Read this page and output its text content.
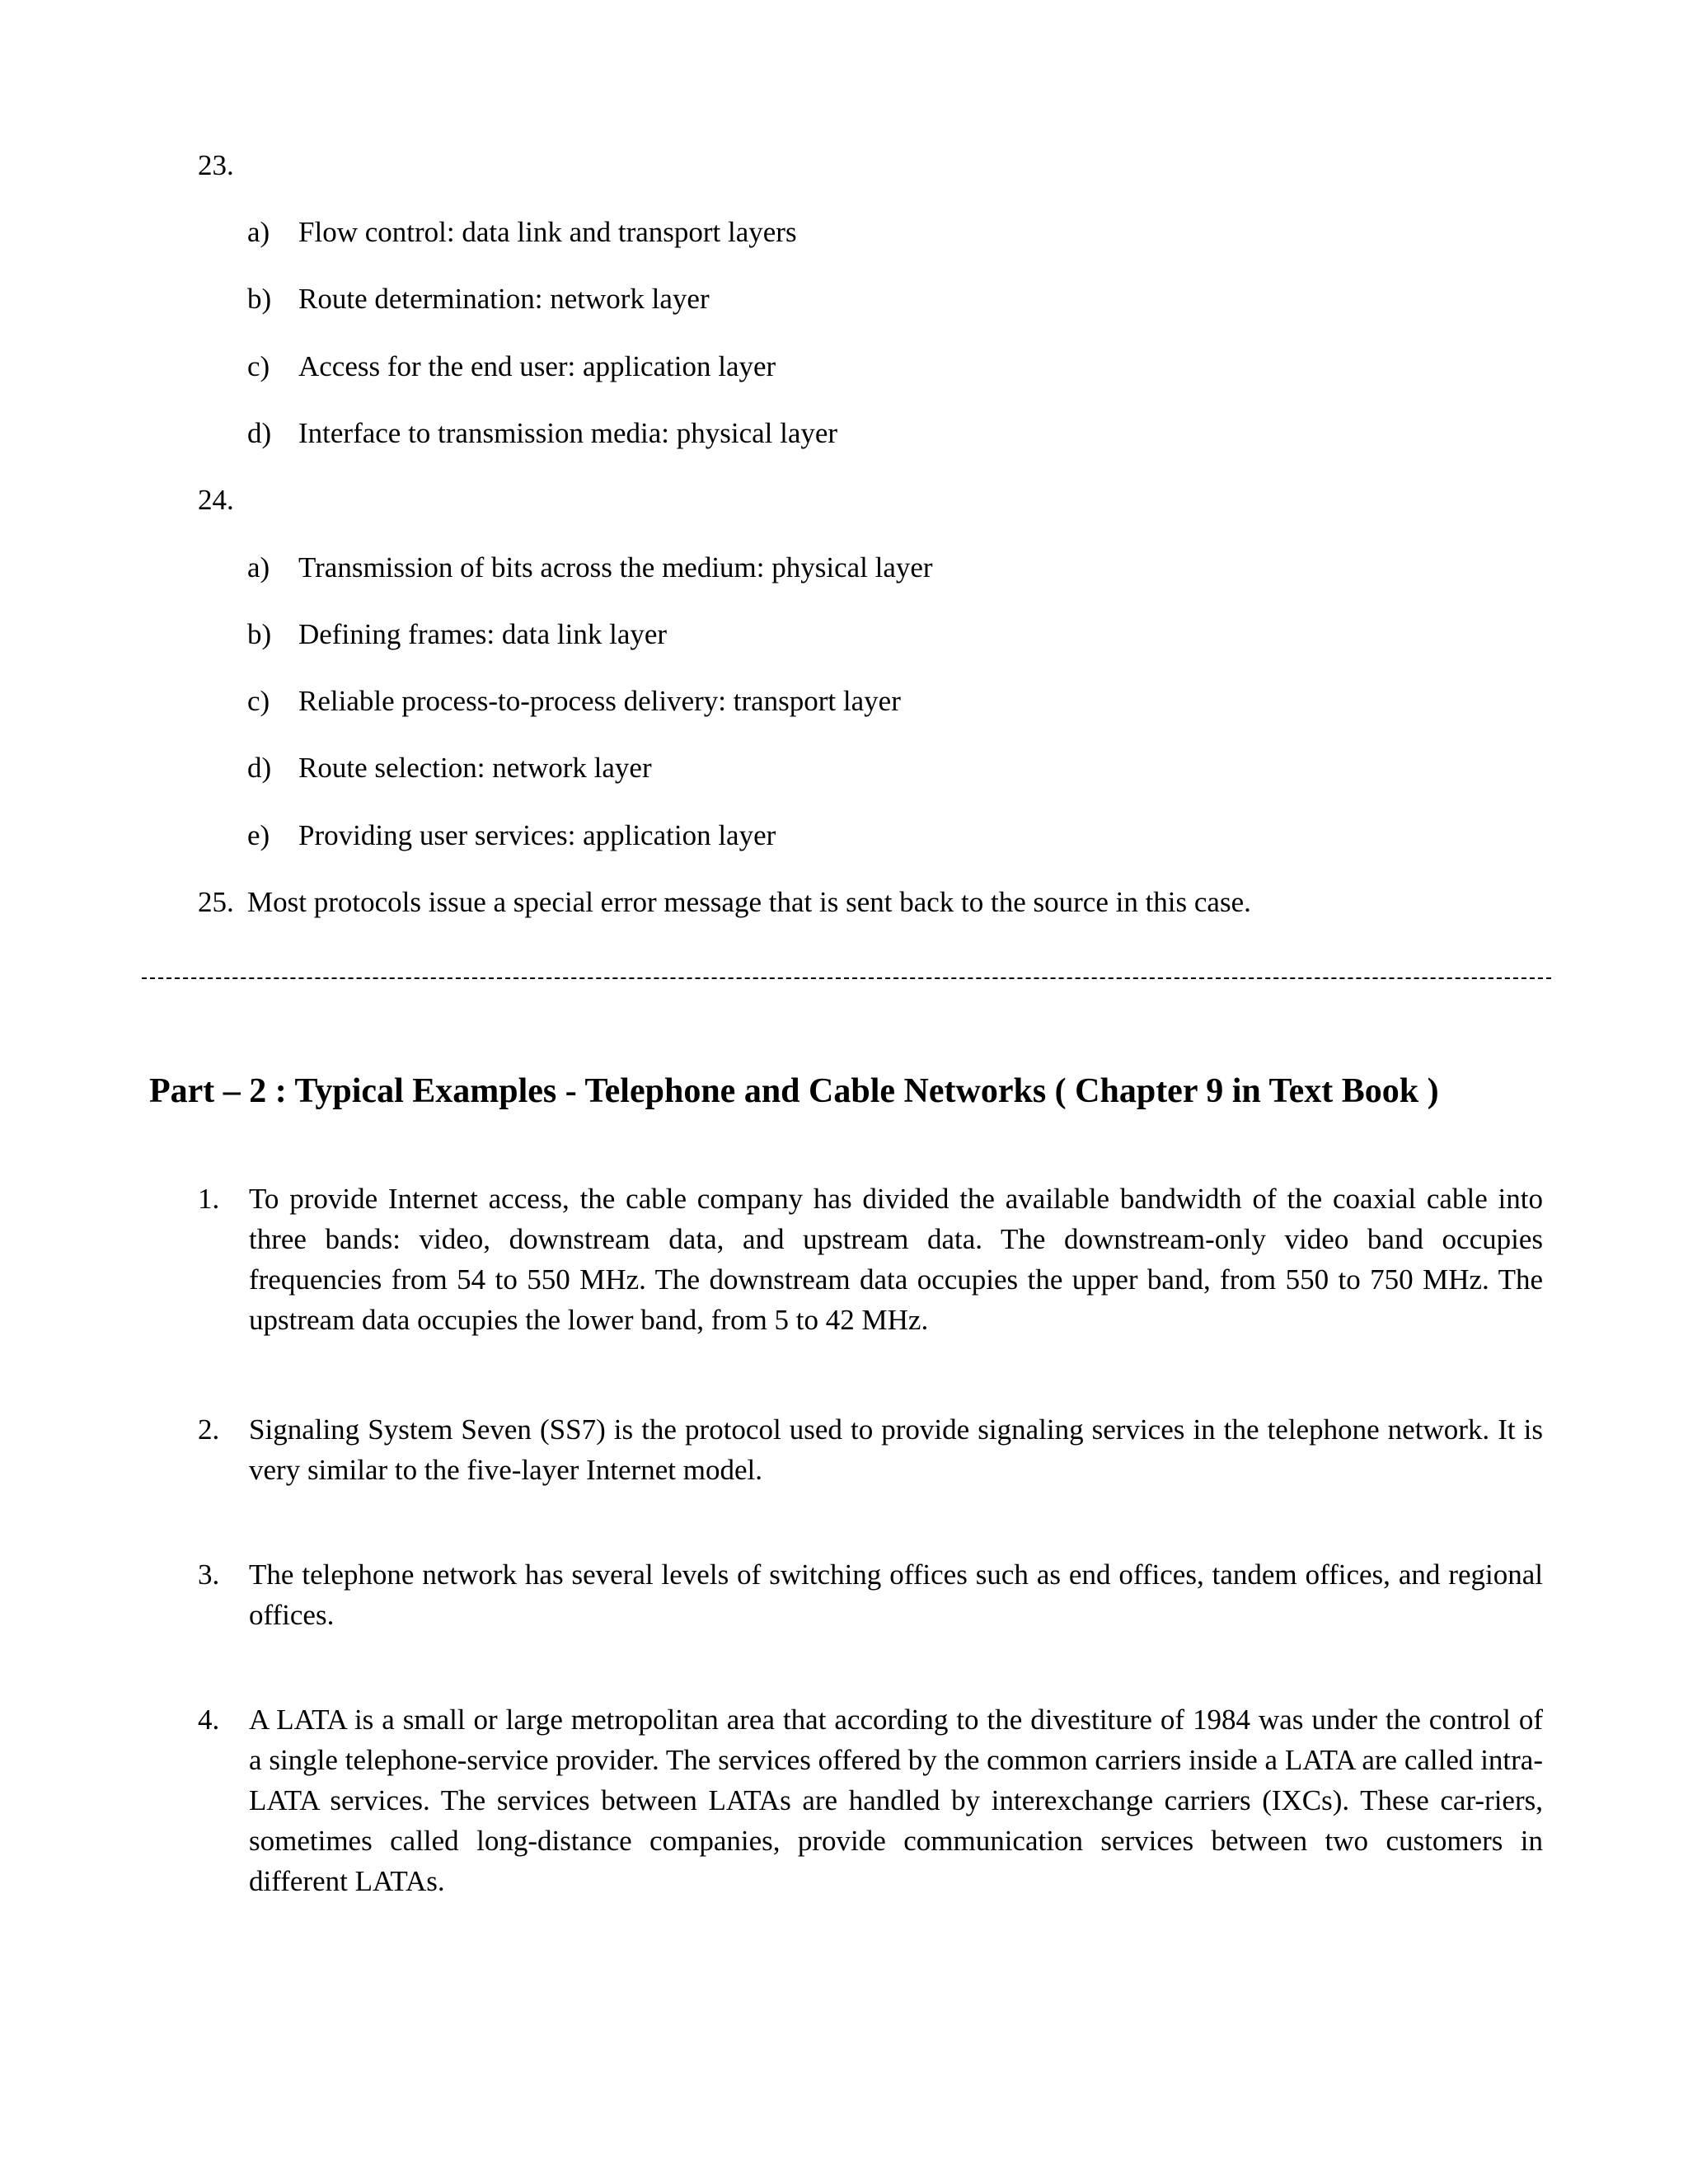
23.
a) Flow control: data link and transport layers
b) Route determination: network layer
c) Access for the end user: application layer
d) Interface to transmission media: physical layer
24.
a) Transmission of bits across the medium: physical layer
b) Defining frames: data link layer
c) Reliable process-to-process delivery: transport layer
d) Route selection: network layer
e) Providing user services: application layer
25. Most protocols issue a special error message that is sent back to the source in this case.
Part – 2 : Typical Examples - Telephone and Cable Networks ( Chapter 9 in Text Book )
1.	To provide Internet access, the cable company has divided the available bandwidth of the coaxial cable into three bands: video, downstream data, and upstream data. The downstream-only video band occupies frequencies from 54 to 550 MHz. The downstream data occupies the upper band, from 550 to 750 MHz. The upstream data occupies the lower band, from 5 to 42 MHz.
2.	Signaling System Seven (SS7) is the protocol used to provide signaling services in the telephone network. It is very similar to the five-layer Internet model.
3.	The telephone network has several levels of switching offices such as end offices, tandem offices, and regional offices.
4.	A LATA is a small or large metropolitan area that according to the divestiture of 1984 was under the control of a single telephone-service provider. The services offered by the common carriers inside a LATA are called intra-LATA services. The services between LATAs are handled by interexchange carriers (IXCs). These car-riers, sometimes called long-distance companies, provide communication services between two customers in different LATAs.
